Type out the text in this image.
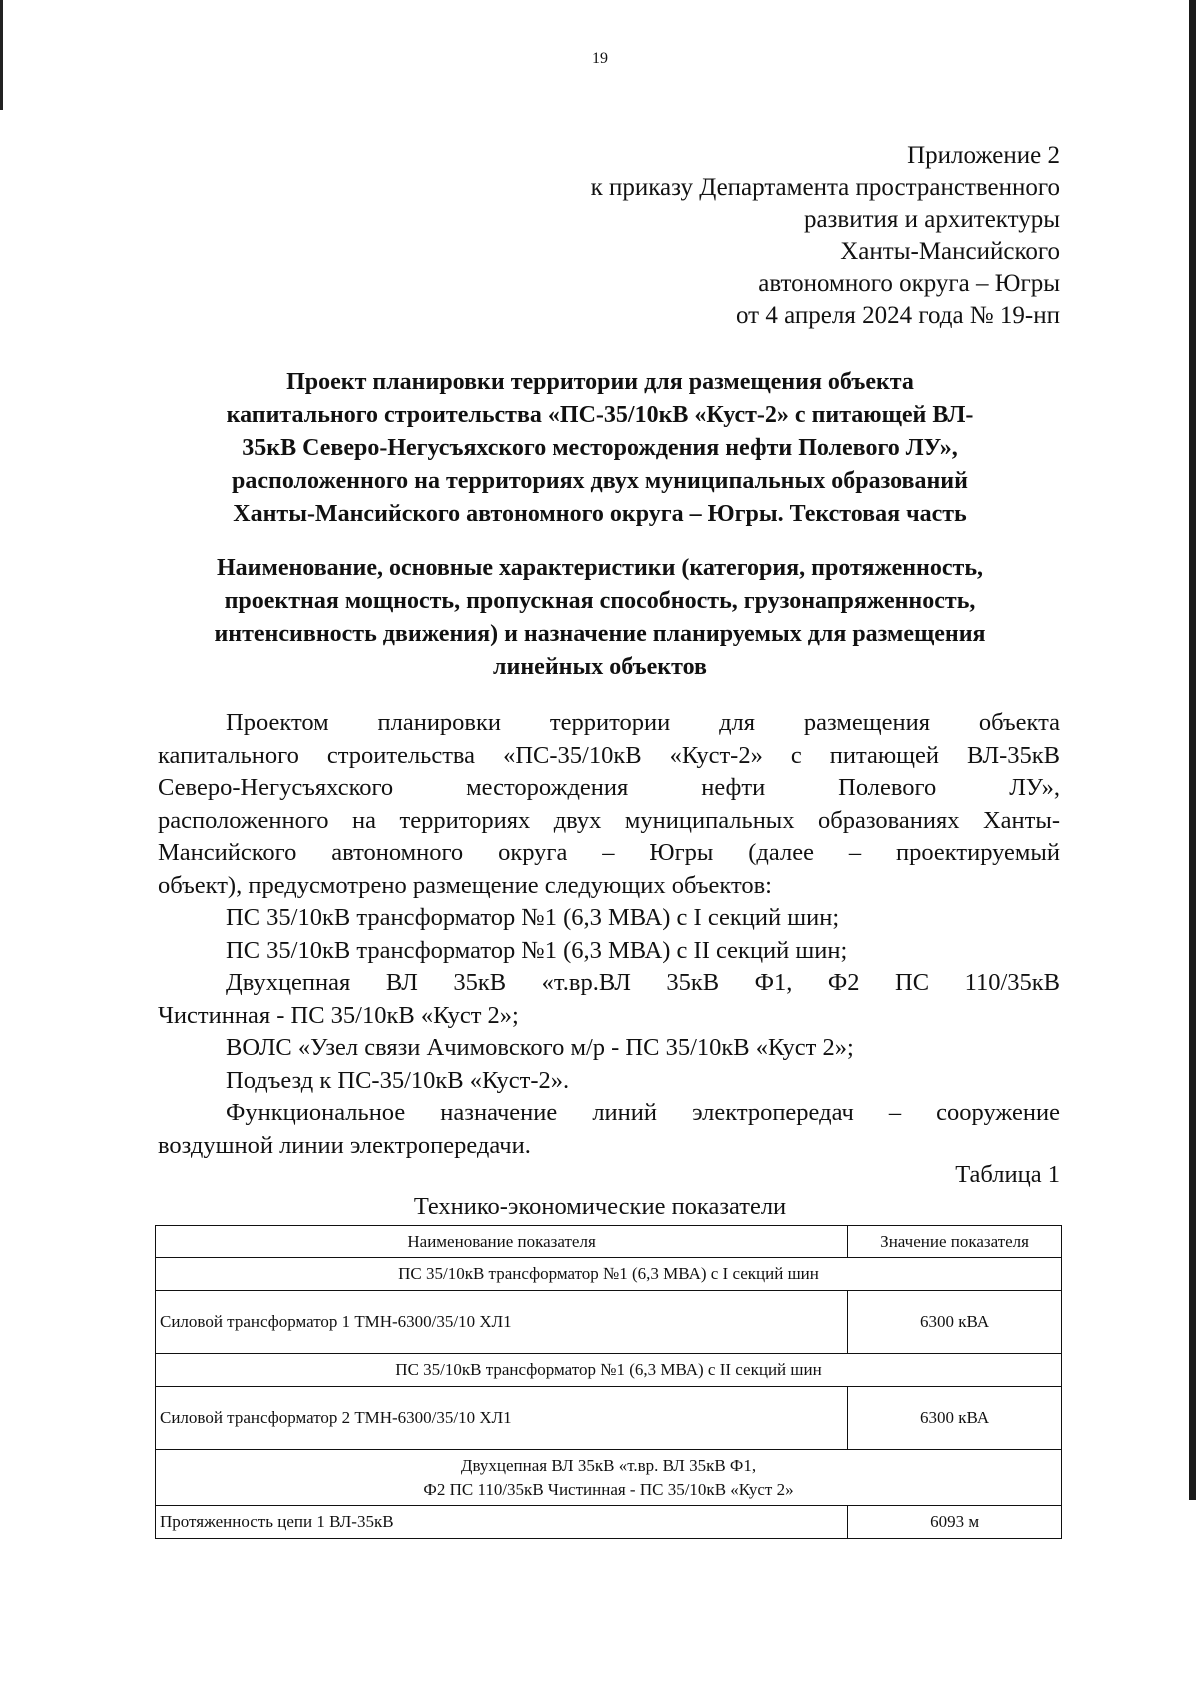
19
Приложение 2
к приказу Департамента пространственного
развития и архитектуры
Ханты-Мансийского
автономного округа – Югры
от 4 апреля 2024 года № 19-нп
Проект планировки территории для размещения объекта
капитального строительства «ПС-35/10кВ «Куст-2» с питающей ВЛ-
35кВ Северо-Негусъяхского месторождения нефти Полевого ЛУ»,
расположенного на территориях двух муниципальных образований
Ханты-Мансийского автономного округа – Югры. Текстовая часть
Наименование, основные характеристики (категория, протяженность,
проектная мощность, пропускная способность, грузонапряженность,
интенсивность движения) и назначение планируемых для размещения
линейных объектов
Проектом планировки территории для размещения объекта
капитального строительства «ПС-35/10кВ «Куст-2» с питающей ВЛ-35кВ
Северо-Негусъяхского месторождения нефти Полевого ЛУ»,
расположенного на территориях двух муниципальных образованиях Ханты-
Мансийского автономного округа – Югры (далее – проектируемый
объект), предусмотрено размещение следующих объектов:
ПС 35/10кВ трансформатор №1 (6,3 МВА) с I секций шин;
ПС 35/10кВ трансформатор №1 (6,3 МВА) с II секций шин;
Двухцепная ВЛ 35кВ «т.вр.ВЛ 35кВ Ф1, Ф2 ПС 110/35кВ
Чистинная - ПС 35/10кВ «Куст 2»;
ВОЛС «Узел связи Ачимовского м/р - ПС 35/10кВ «Куст 2»;
Подъезд к ПС-35/10кВ «Куст-2».
Функциональное назначение линий электропередач – сооружение
воздушной линии электропередачи.
Таблица 1
Технико-экономические показатели
Наименование показателя	Значение показателя
ПС 35/10кВ трансформатор №1 (6,3 МВА) с I секций шин	
Силовой трансформатор 1 ТМН-6300/35/10 ХЛ1	6300 кВА
ПС 35/10кВ трансформатор №1 (6,3 МВА) с II секций шин	
Силовой трансформатор 2 ТМН-6300/35/10 ХЛ1	6300 кВА

Двухцепная ВЛ 35кВ «т.вр. ВЛ 35кВ Ф1,
Ф2 ПС 110/35кВ Чистинная - ПС 35/10кВ «Куст 2»	

Протяженность цепи 1 ВЛ-35кВ	6093 м
